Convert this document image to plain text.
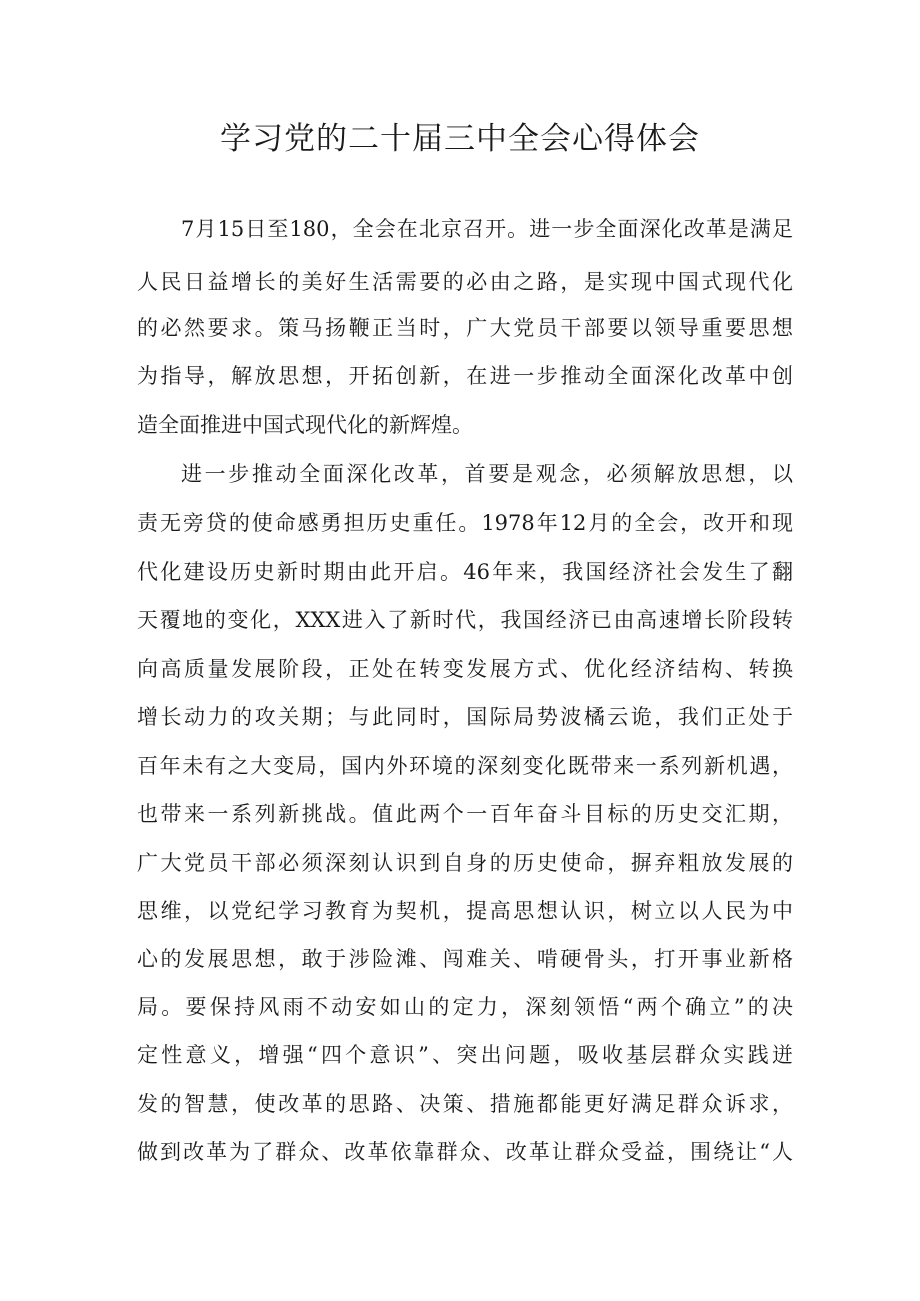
学习党的二十届三中全会心得体会
7月15日至180，全会在北京召开。进一步全面深化改革是满足
人民日益增长的美好生活需要的必由之路，是实现中国式现代化
的必然要求。策马扬鞭正当时，广大党员干部要以领导重要思想
为指导，解放思想，开拓创新，在进一步推动全面深化改革中创
造全面推进中国式现代化的新辉煌。
进一步推动全面深化改革，首要是观念，必须解放思想，以
责无旁贷的使命感勇担历史重任。1978年12月的全会，改开和现
代化建设历史新时期由此开启。46年来，我国经济社会发生了翻
天覆地的变化，XXX进入了新时代，我国经济已由高速增长阶段转
向高质量发展阶段，正处在转变发展方式、优化经济结构、转换
增长动力的攻关期；与此同时，国际局势波橘云诡，我们正处于
百年未有之大变局，国内外环境的深刻变化既带来一系列新机遇，
也带来一系列新挑战。值此两个一百年奋斗目标的历史交汇期，
广大党员干部必须深刻认识到自身的历史使命，摒弃粗放发展的
思维，以党纪学习教育为契机，提高思想认识，树立以人民为中
心的发展思想，敢于涉险滩、闯难关、啃硬骨头，打开事业新格
局。要保持风雨不动安如山的定力，深刻领悟“两个确立”的决
定性意义，增强“四个意识”、突出问题，吸收基层群众实践迸
发的智慧，使改革的思路、决策、措施都能更好满足群众诉求，
做到改革为了群众、改革依靠群众、改革让群众受益，围绕让“人
